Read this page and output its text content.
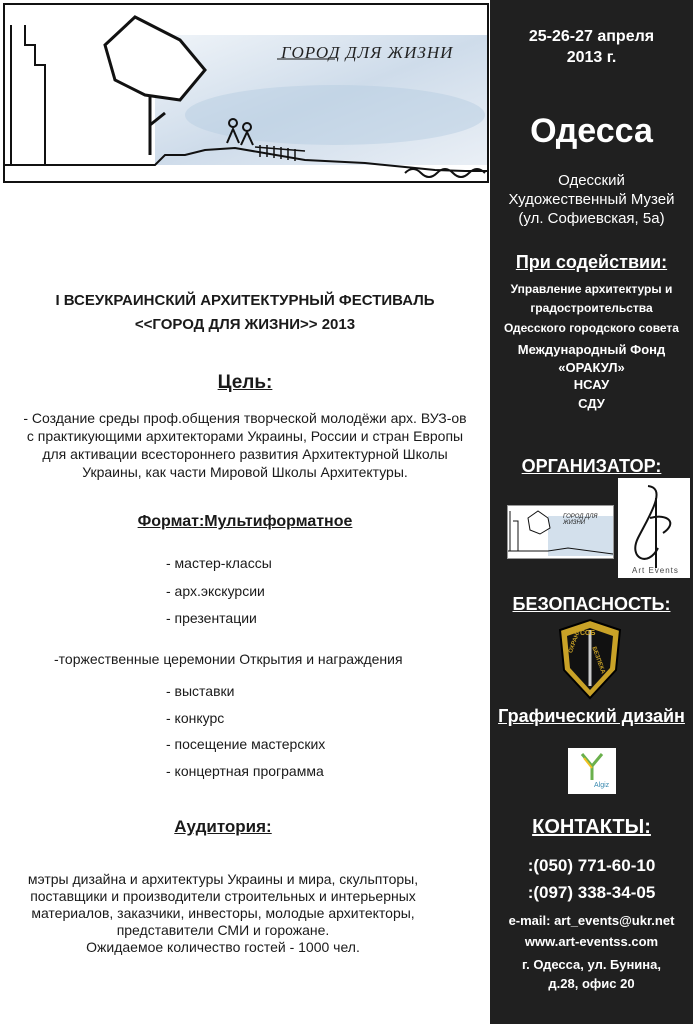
ГОРОД ДЛЯ ЖИЗНИ
25-26-27 апреля
2013 г.
Одесса
Одесский
Художественный Музей
(ул. Софиевская, 5а)
При содействии:
Управление архитектуры и
градостроительства
Одесского городского совета
Международный Фонд
«ОРАКУЛ»
НСАУ
СДУ
ОРГАНИЗАТОР:
ГОРОД ДЛЯ ЖИЗНИ
Art Events
БЕЗОПАСНОСТЬ:
СОБ
ОХРАНА
БЕЗПЕКА
Графический дизайн
Algiz
КОНТАКТЫ:
:(050) 771-60-10
:(097) 338-34-05
e-mail: art_events@ukr.net
www.art-eventss.com
г. Одесса, ул. Бунина,
д.28, офис 20
I ВСЕУКРАИНСКИЙ АРХИТЕКТУРНЫЙ ФЕСТИВАЛЬ
<<ГОРОД ДЛЯ ЖИЗНИ>> 2013
Цель:
- Создание среды проф.общения творческой молодёжи арх. ВУЗ-ов
с практикующими архитекторами Украины, России и стран Европы
для активации всестороннего развития Архитектурной Школы
Украины, как части Мировой Школы Архитектуры.
Формат:Мультиформатное
- мастер-классы
- арх.экскурсии
- презентации
-торжественные церемонии Открытия и награждения
- выставки
- конкурс
- посещение мастерских
- концертная программа
Аудитория:
мэтры дизайна и архитектуры Украины и мира, скульпторы,
поставщики и производители строительных и интерьерных
материалов, заказчики, инвесторы, молодые архитекторы,
представители СМИ и горожане.
Ожидаемое количество гостей - 1000 чел.
